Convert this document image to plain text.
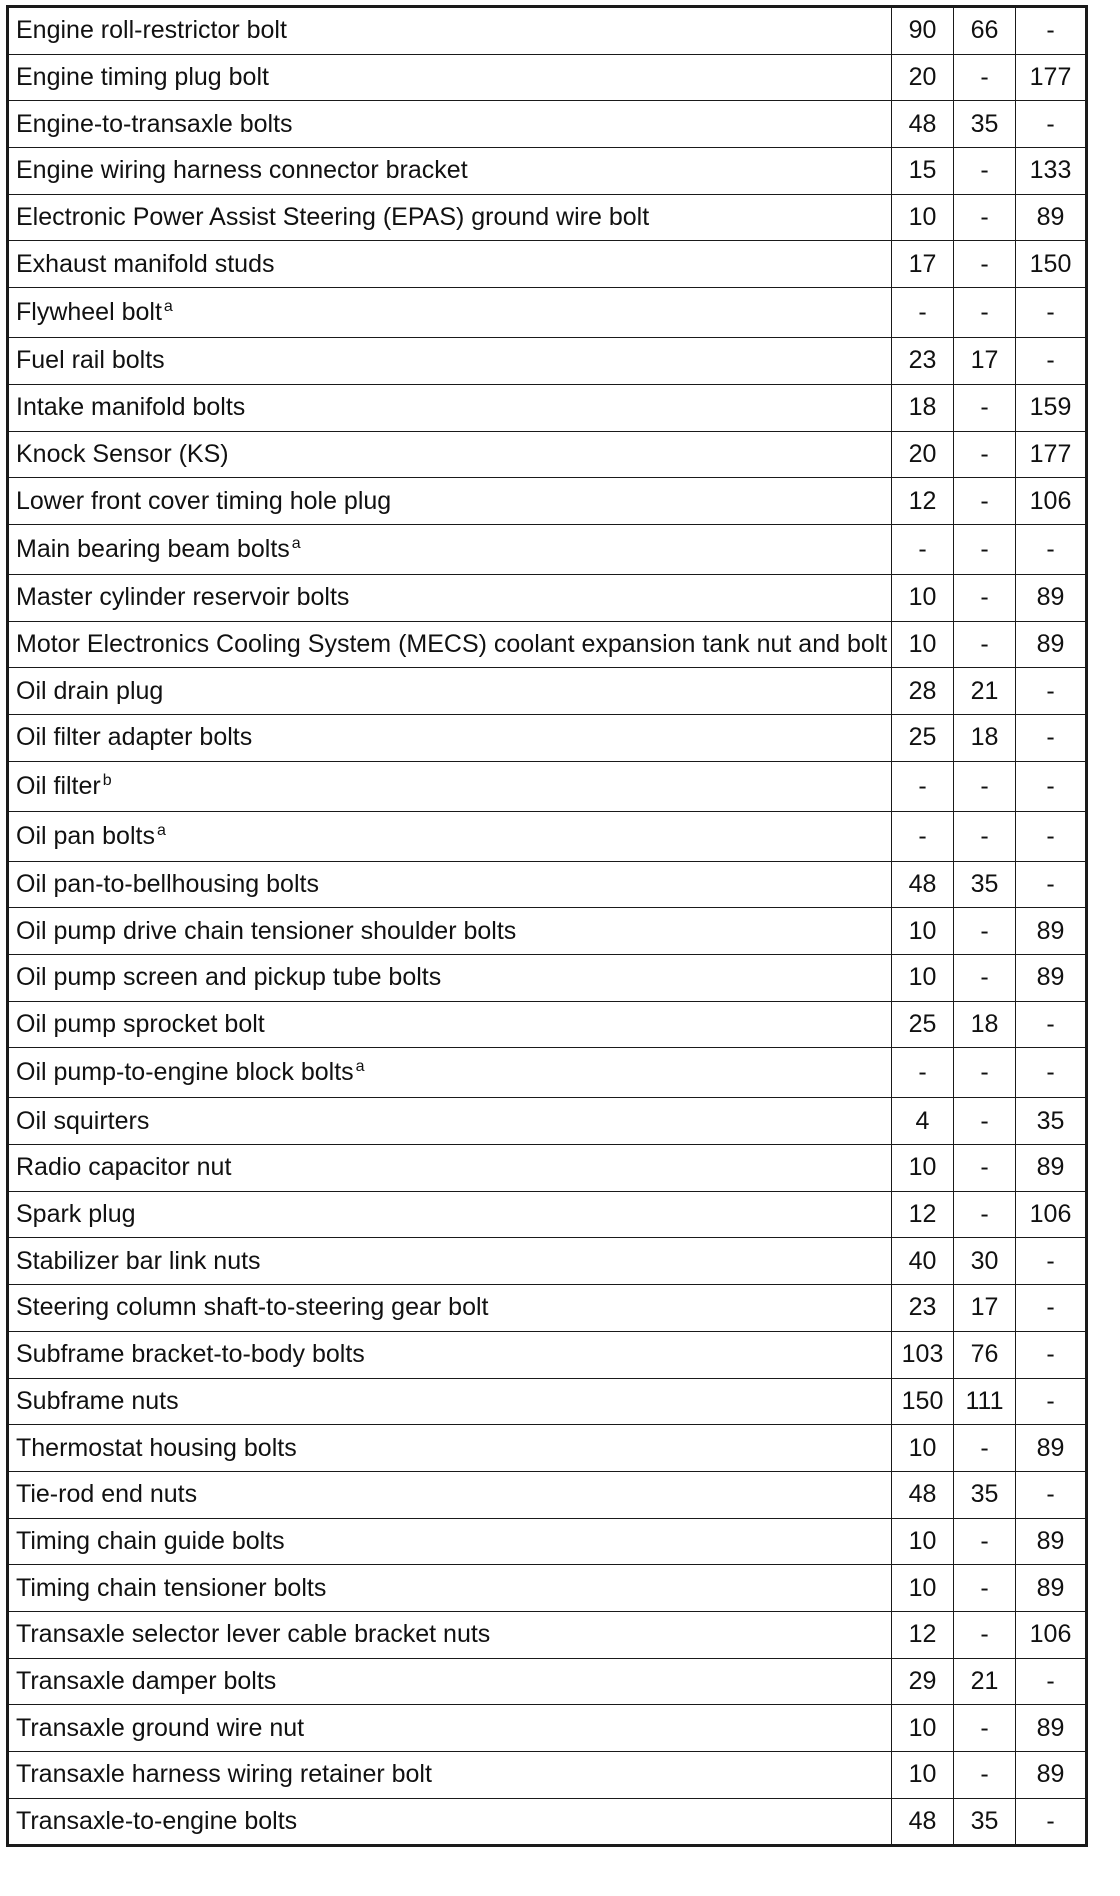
Engine roll-restrictor bolt	90	66	-
Engine timing plug bolt	20	-	177
Engine-to-transaxle bolts	48	35	-
Engine wiring harness connector bracket	15	-	133
Electronic Power Assist Steering (EPAS) ground wire bolt	10	-	89
Exhaust manifold studs	17	-	150
Flywheel bolt $^a$	-	-	-
Fuel rail bolts	23	17	-
Intake manifold bolts	18	-	159
Knock Sensor (KS)	20	-	177
Lower front cover timing hole plug	12	-	106
Main bearing beam bolts $^a$	-	-	-
Master cylinder reservoir bolts	10	-	89
Motor Electronics Cooling System (MECS) coolant expansion tank nut and bolt	10	-	89
Oil drain plug	28	21	-
Oil filter adapter bolts	25	18	-
Oil filter $^b$	-	-	-
Oil pan bolts $^a$	-	-	-
Oil pan-to-bellhousing bolts	48	35	-
Oil pump drive chain tensioner shoulder bolts	10	-	89
Oil pump screen and pickup tube bolts	10	-	89
Oil pump sprocket bolt	25	18	-
Oil pump-to-engine block bolts $^a$	-	-	-
Oil squirters	4	-	35
Radio capacitor nut	10	-	89
Spark plug	12	-	106
Stabilizer bar link nuts	40	30	-
Steering column shaft-to-steering gear bolt	23	17	-
Subframe bracket-to-body bolts	103	76	-
Subframe nuts	150	111	-
Thermostat housing bolts	10	-	89
Tie-rod end nuts	48	35	-
Timing chain guide bolts	10	-	89
Timing chain tensioner bolts	10	-	89
Transaxle selector lever cable bracket nuts	12	-	106
Transaxle damper bolts	29	21	-
Transaxle ground wire nut	10	-	89
Transaxle harness wiring retainer bolt	10	-	89
Transaxle-to-engine bolts	48	35	-
